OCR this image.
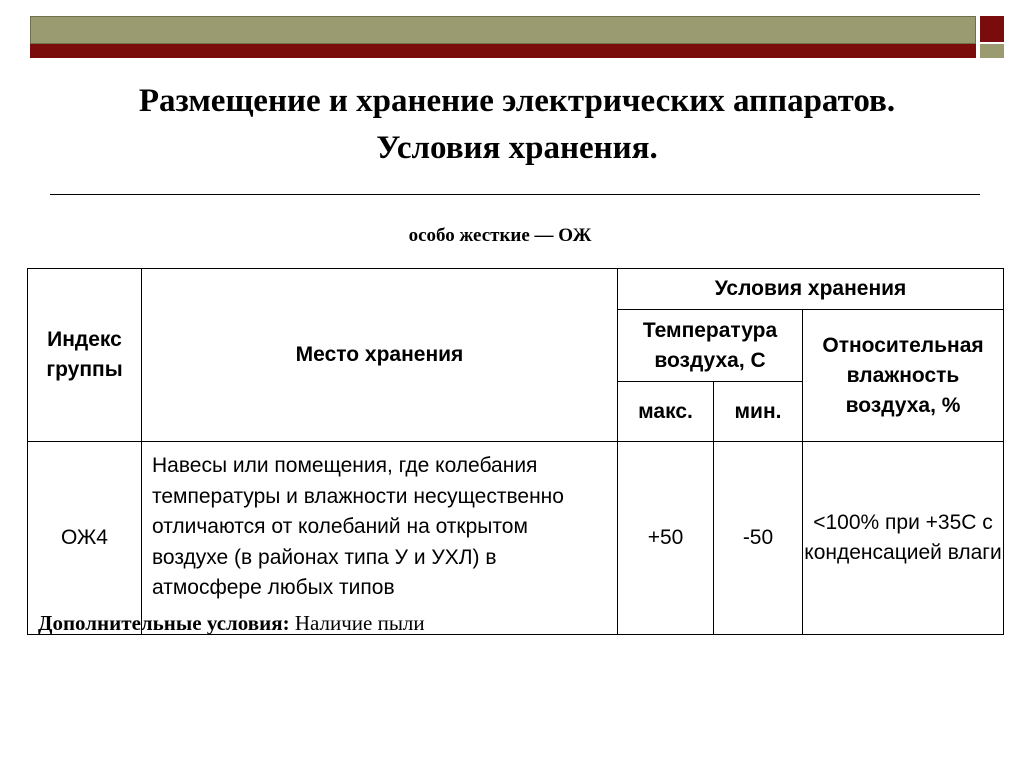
Размещение и хранение электрических аппаратов.
Условия хранения.
особо жесткие — ОЖ
Индекс группы	Место хранения	Условия хранения		
		Температура воздуха, С		Относительная влажность воздуха, %
		макс.	мин.	
ОЖ4	Навесы или помещения, где колебания температуры и влажности несущественно отличаются от колебаний на открытом воздухе (в районах типа У и УХЛ) в атмосфере любых типов	+50	-50	<100% при +35С с конденсацией влаги
Дополнительные условия: Наличие пыли
